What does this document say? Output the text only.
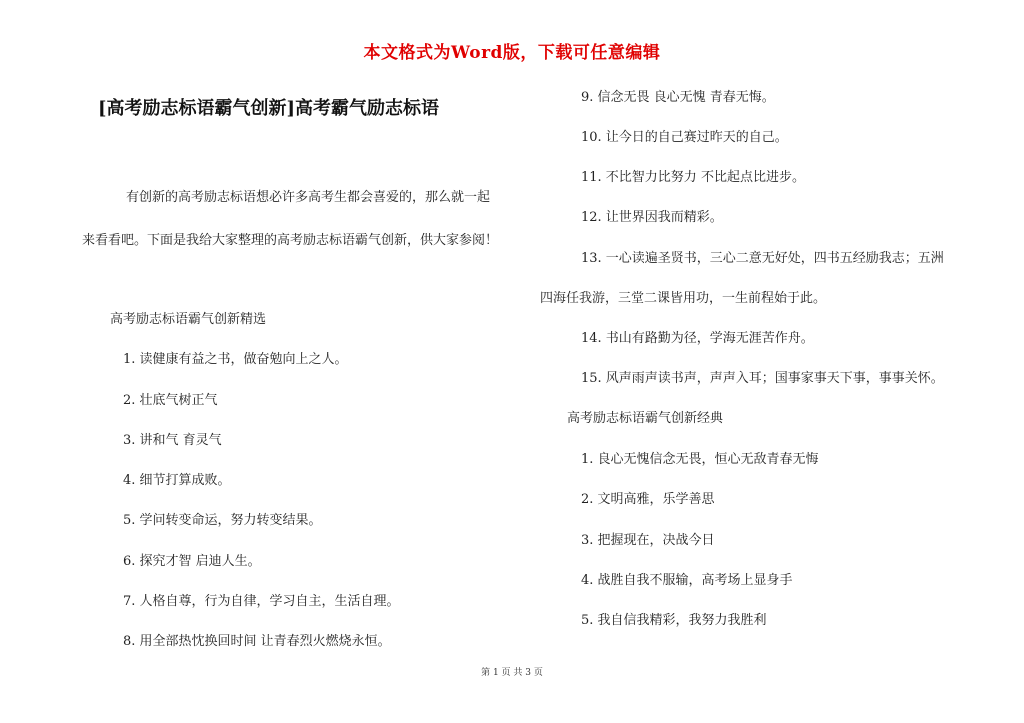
本文格式为Word版，下载可任意编辑
[高考励志标语霸气创新]高考霸气励志标语
有创新的高考励志标语想必许多高考生都会喜爱的，那么就一起
来看看吧。下面是我给大家整理的高考励志标语霸气创新，供大家参阅！
高考励志标语霸气创新精选
1. 读健康有益之书，做奋勉向上之人。
2. 壮底气树正气
3. 讲和气 育灵气
4. 细节打算成败。
5. 学问转变命运，努力转变结果。
6. 探究才智 启迪人生。
7. 人格自尊，行为自律，学习自主，生活自理。
8. 用全部热忱换回时间 让青春烈火燃烧永恒。
9. 信念无畏 良心无愧 青春无悔。
10. 让今日的自己赛过昨天的自己。
11. 不比智力比努力 不比起点比进步。
12. 让世界因我而精彩。
13. 一心读遍圣贤书，三心二意无好处，四书五经励我志；五洲
四海任我游，三堂二课皆用功，一生前程始于此。
14. 书山有路勤为径，学海无涯苦作舟。
15. 风声雨声读书声，声声入耳；国事家事天下事，事事关怀。
高考励志标语霸气创新经典
1. 良心无愧信念无畏，恒心无敌青春无悔
2. 文明高雅，乐学善思
3. 把握现在，决战今日
4. 战胜自我不服输，高考场上显身手
5. 我自信我精彩，我努力我胜利
第 1 页 共 3 页
